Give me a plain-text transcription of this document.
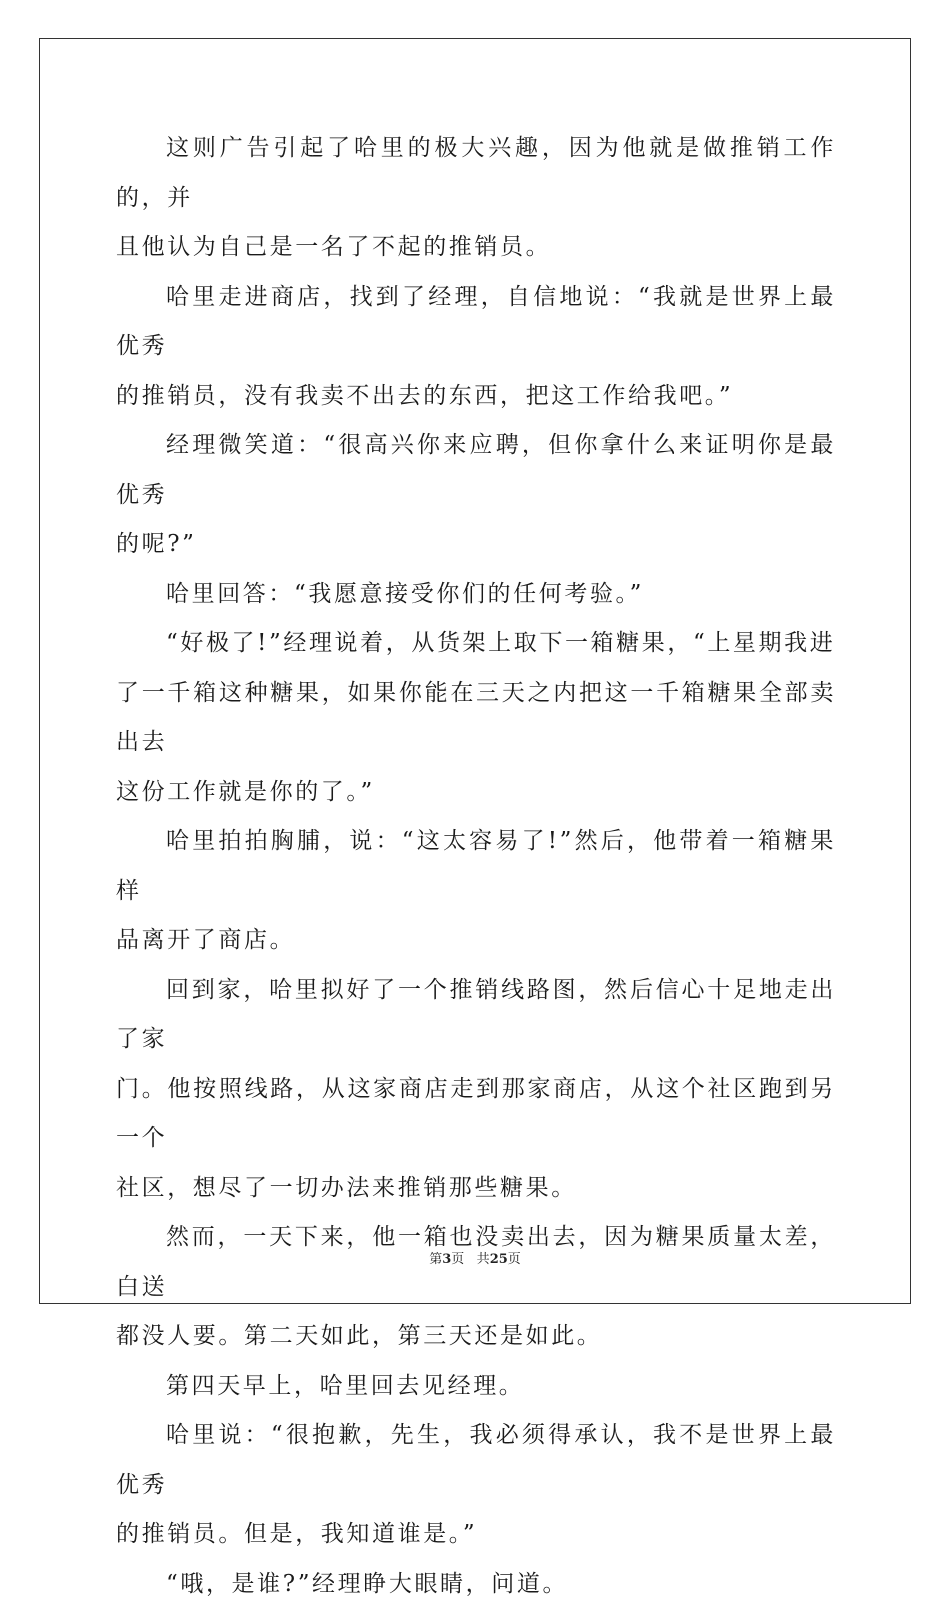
这则广告引起了哈里的极大兴趣，因为他就是做推销工作的，并
且他认为自己是一名了不起的推销员。

哈里走进商店，找到了经理，自信地说：“我就是世界上最优秀
的推销员，没有我卖不出去的东西，把这工作给我吧。”

经理微笑道：“很高兴你来应聘，但你拿什么来证明你是最优秀
的呢?”

哈里回答：“我愿意接受你们的任何考验。”

“好极了!”经理说着，从货架上取下一箱糖果，“上星期我进
了一千箱这种糖果，如果你能在三天之内把这一千箱糖果全部卖出去
这份工作就是你的了。”

哈里拍拍胸脯，说：“这太容易了!”然后，他带着一箱糖果样
品离开了商店。

回到家，哈里拟好了一个推销线路图，然后信心十足地走出了家
门。他按照线路，从这家商店走到那家商店，从这个社区跑到另一个
社区，想尽了一切办法来推销那些糖果。

然而，一天下来，他一箱也没卖出去，因为糖果质量太差，白送
都没人要。第二天如此，第三天还是如此。

第四天早上，哈里回去见经理。

哈里说：“很抱歉，先生，我必须得承认，我不是世界上最优秀
的推销员。但是，我知道谁是。”

“哦，是谁?”经理睁大眼睛，问道。

第3页 共25页
